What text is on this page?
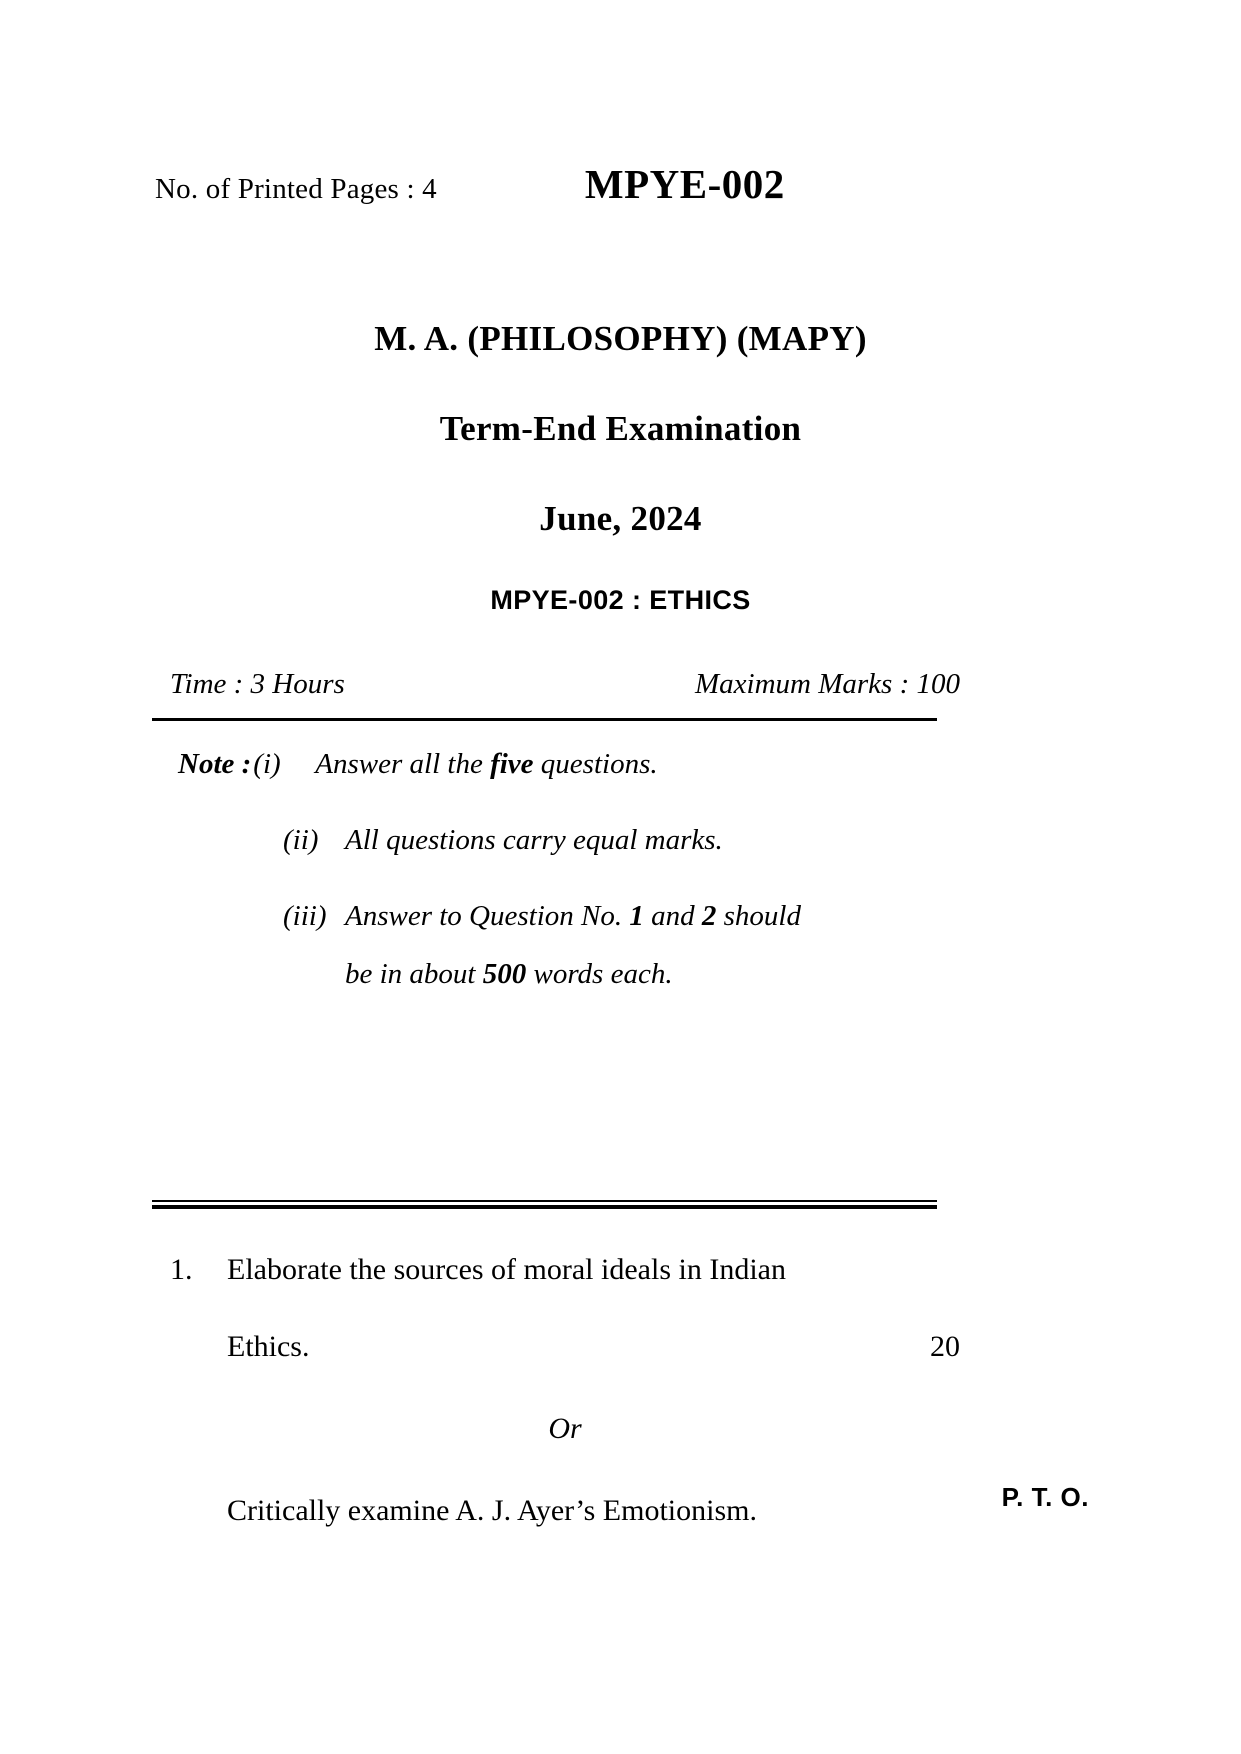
No. of Printed Pages : 4	MPYE-002
M. A. (PHILOSOPHY) (MAPY)
Term-End Examination
June, 2024
MPYE-002 : ETHICS
Time : 3 Hours	Maximum Marks : 100
Note : (i)	Answer all the five questions.
(ii) All questions carry equal marks.
(iii) Answer to Question No. 1 and 2 should
be in about 500 words each.
1.	Elaborate the sources of moral ideals in Indian
Ethics.	20
Or
Critically examine A. J. Ayer’s Emotionism.	P. T. O.
